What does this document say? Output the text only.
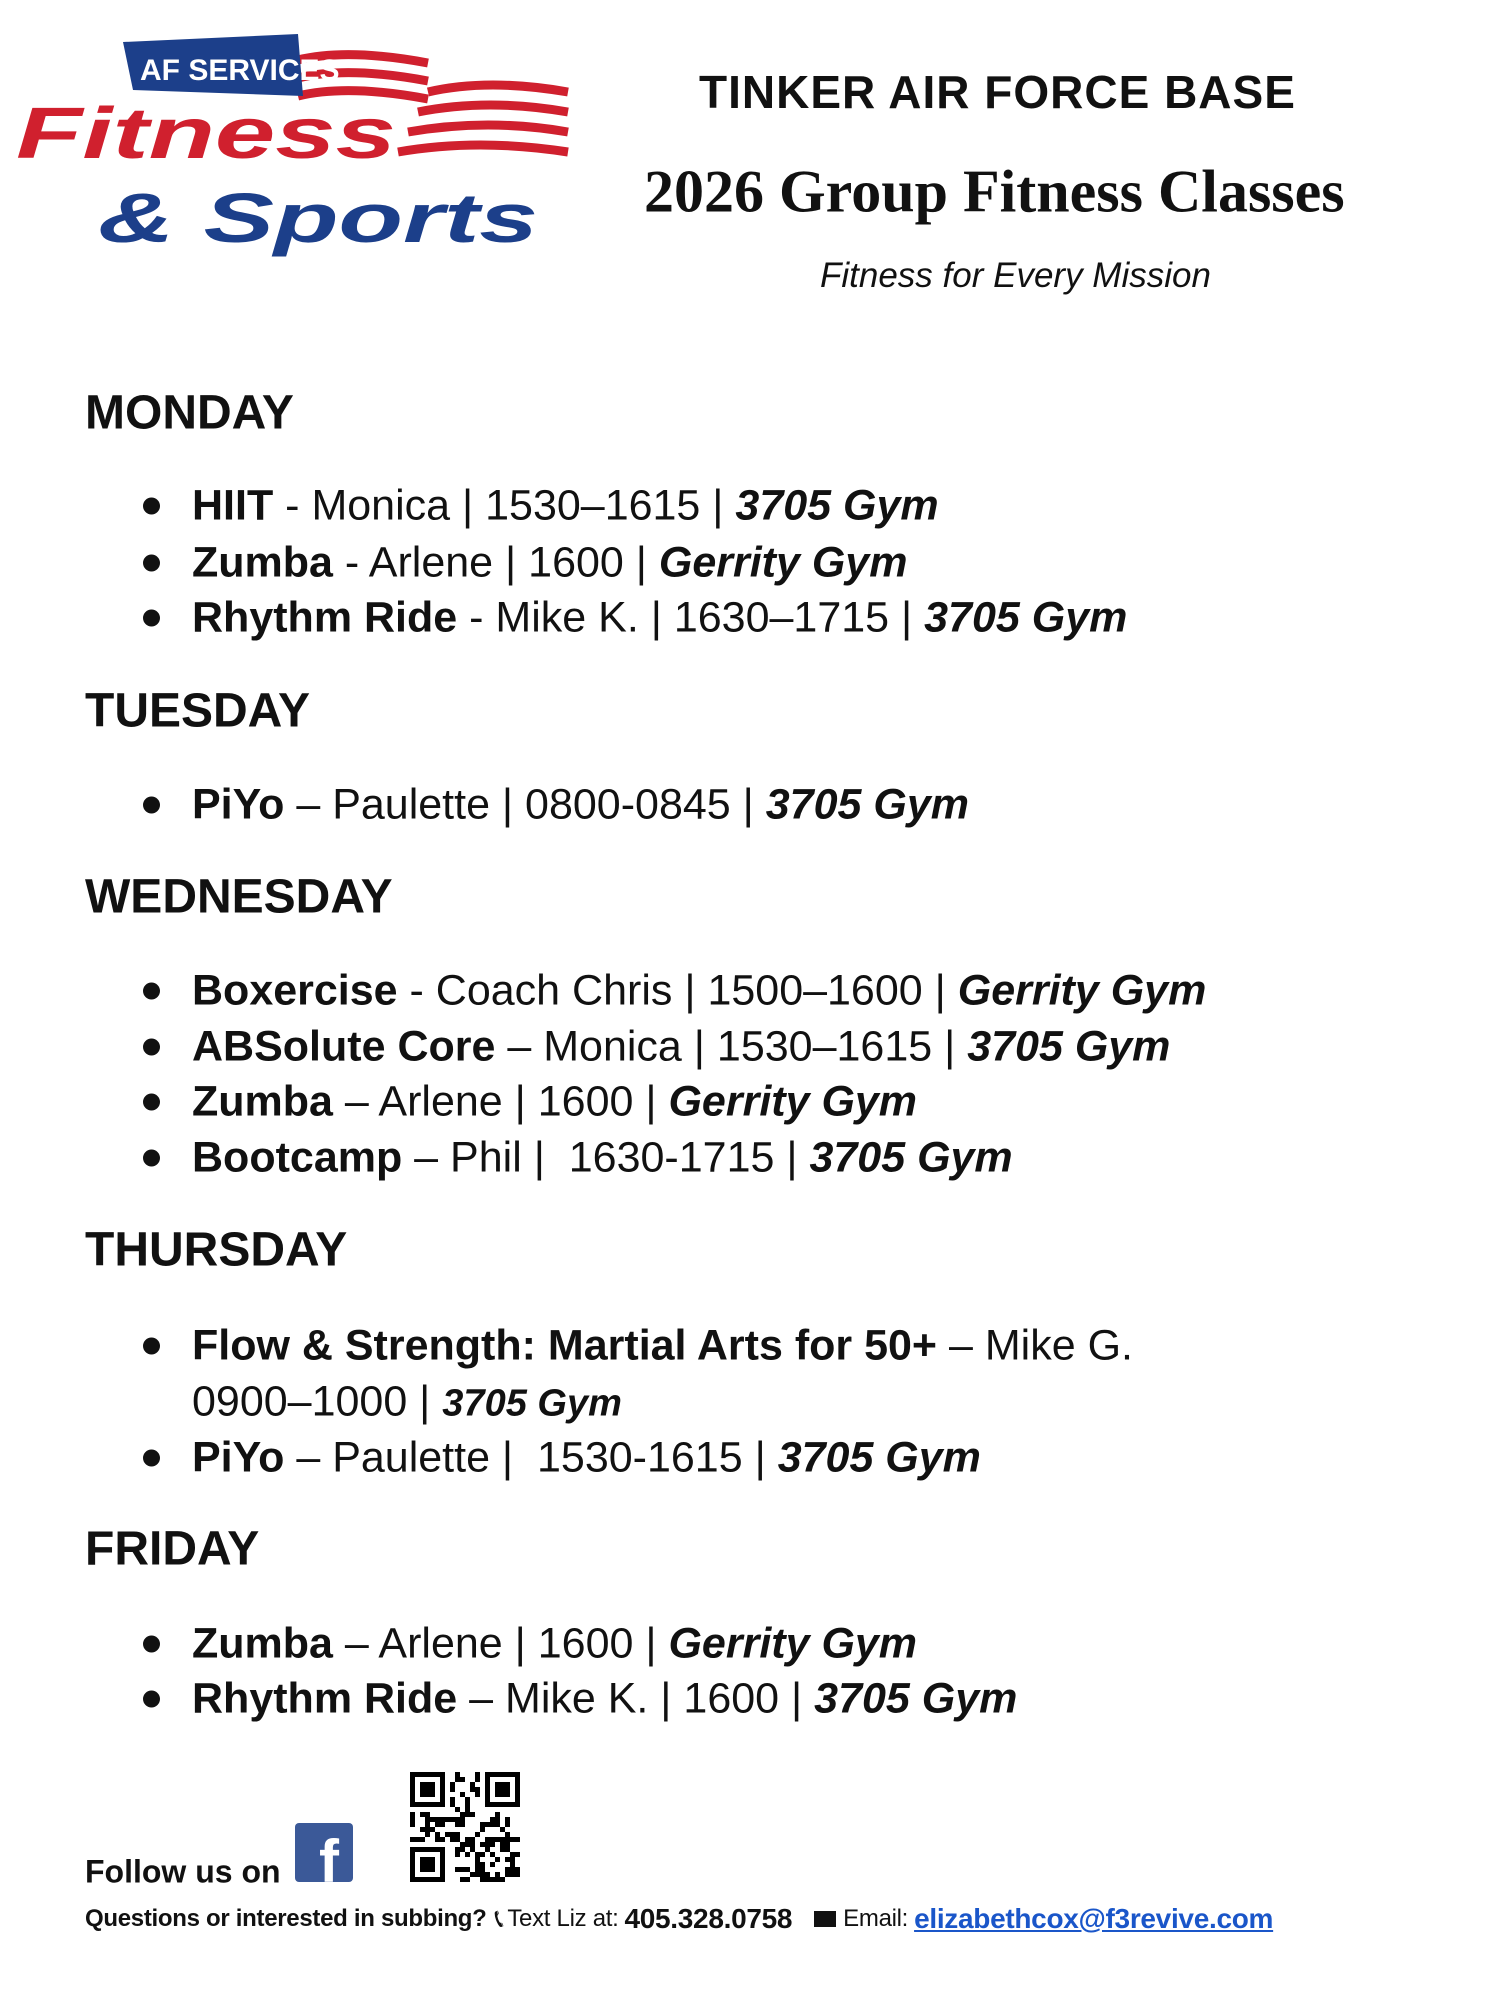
AF SERVICES
Fitness
& Sports
TINKER AIR FORCE BASE
2026 Group Fitness Classes
Fitness for Every Mission
MONDAY
HIIT - Monica | 1530–1615 | 3705 Gym
Zumba - Arlene | 1600 | Gerrity Gym
Rhythm Ride - Mike K. | 1630–1715 | 3705 Gym
TUESDAY
PiYo – Paulette | 0800-0845 | 3705 Gym
WEDNESDAY
Boxercise - Coach Chris | 1500–1600 | Gerrity Gym
ABSolute Core – Monica | 1530–1615 | 3705 Gym
Zumba – Arlene | 1600 | Gerrity Gym
Bootcamp – Phil |  1630-1715 | 3705 Gym
THURSDAY
Flow & Strength: Martial Arts for 50+ – Mike G.
0900–1000 | 3705 Gym
PiYo – Paulette |  1530-1615 | 3705 Gym
FRIDAY
Zumba – Arlene | 1600 | Gerrity Gym
Rhythm Ride – Mike K. | 1600 | 3705 Gym
Follow us on f
Questions or interested in subbing? 📞︎ Text Liz at: 405.328.0758 Email: elizabethcox@f3revive.com
